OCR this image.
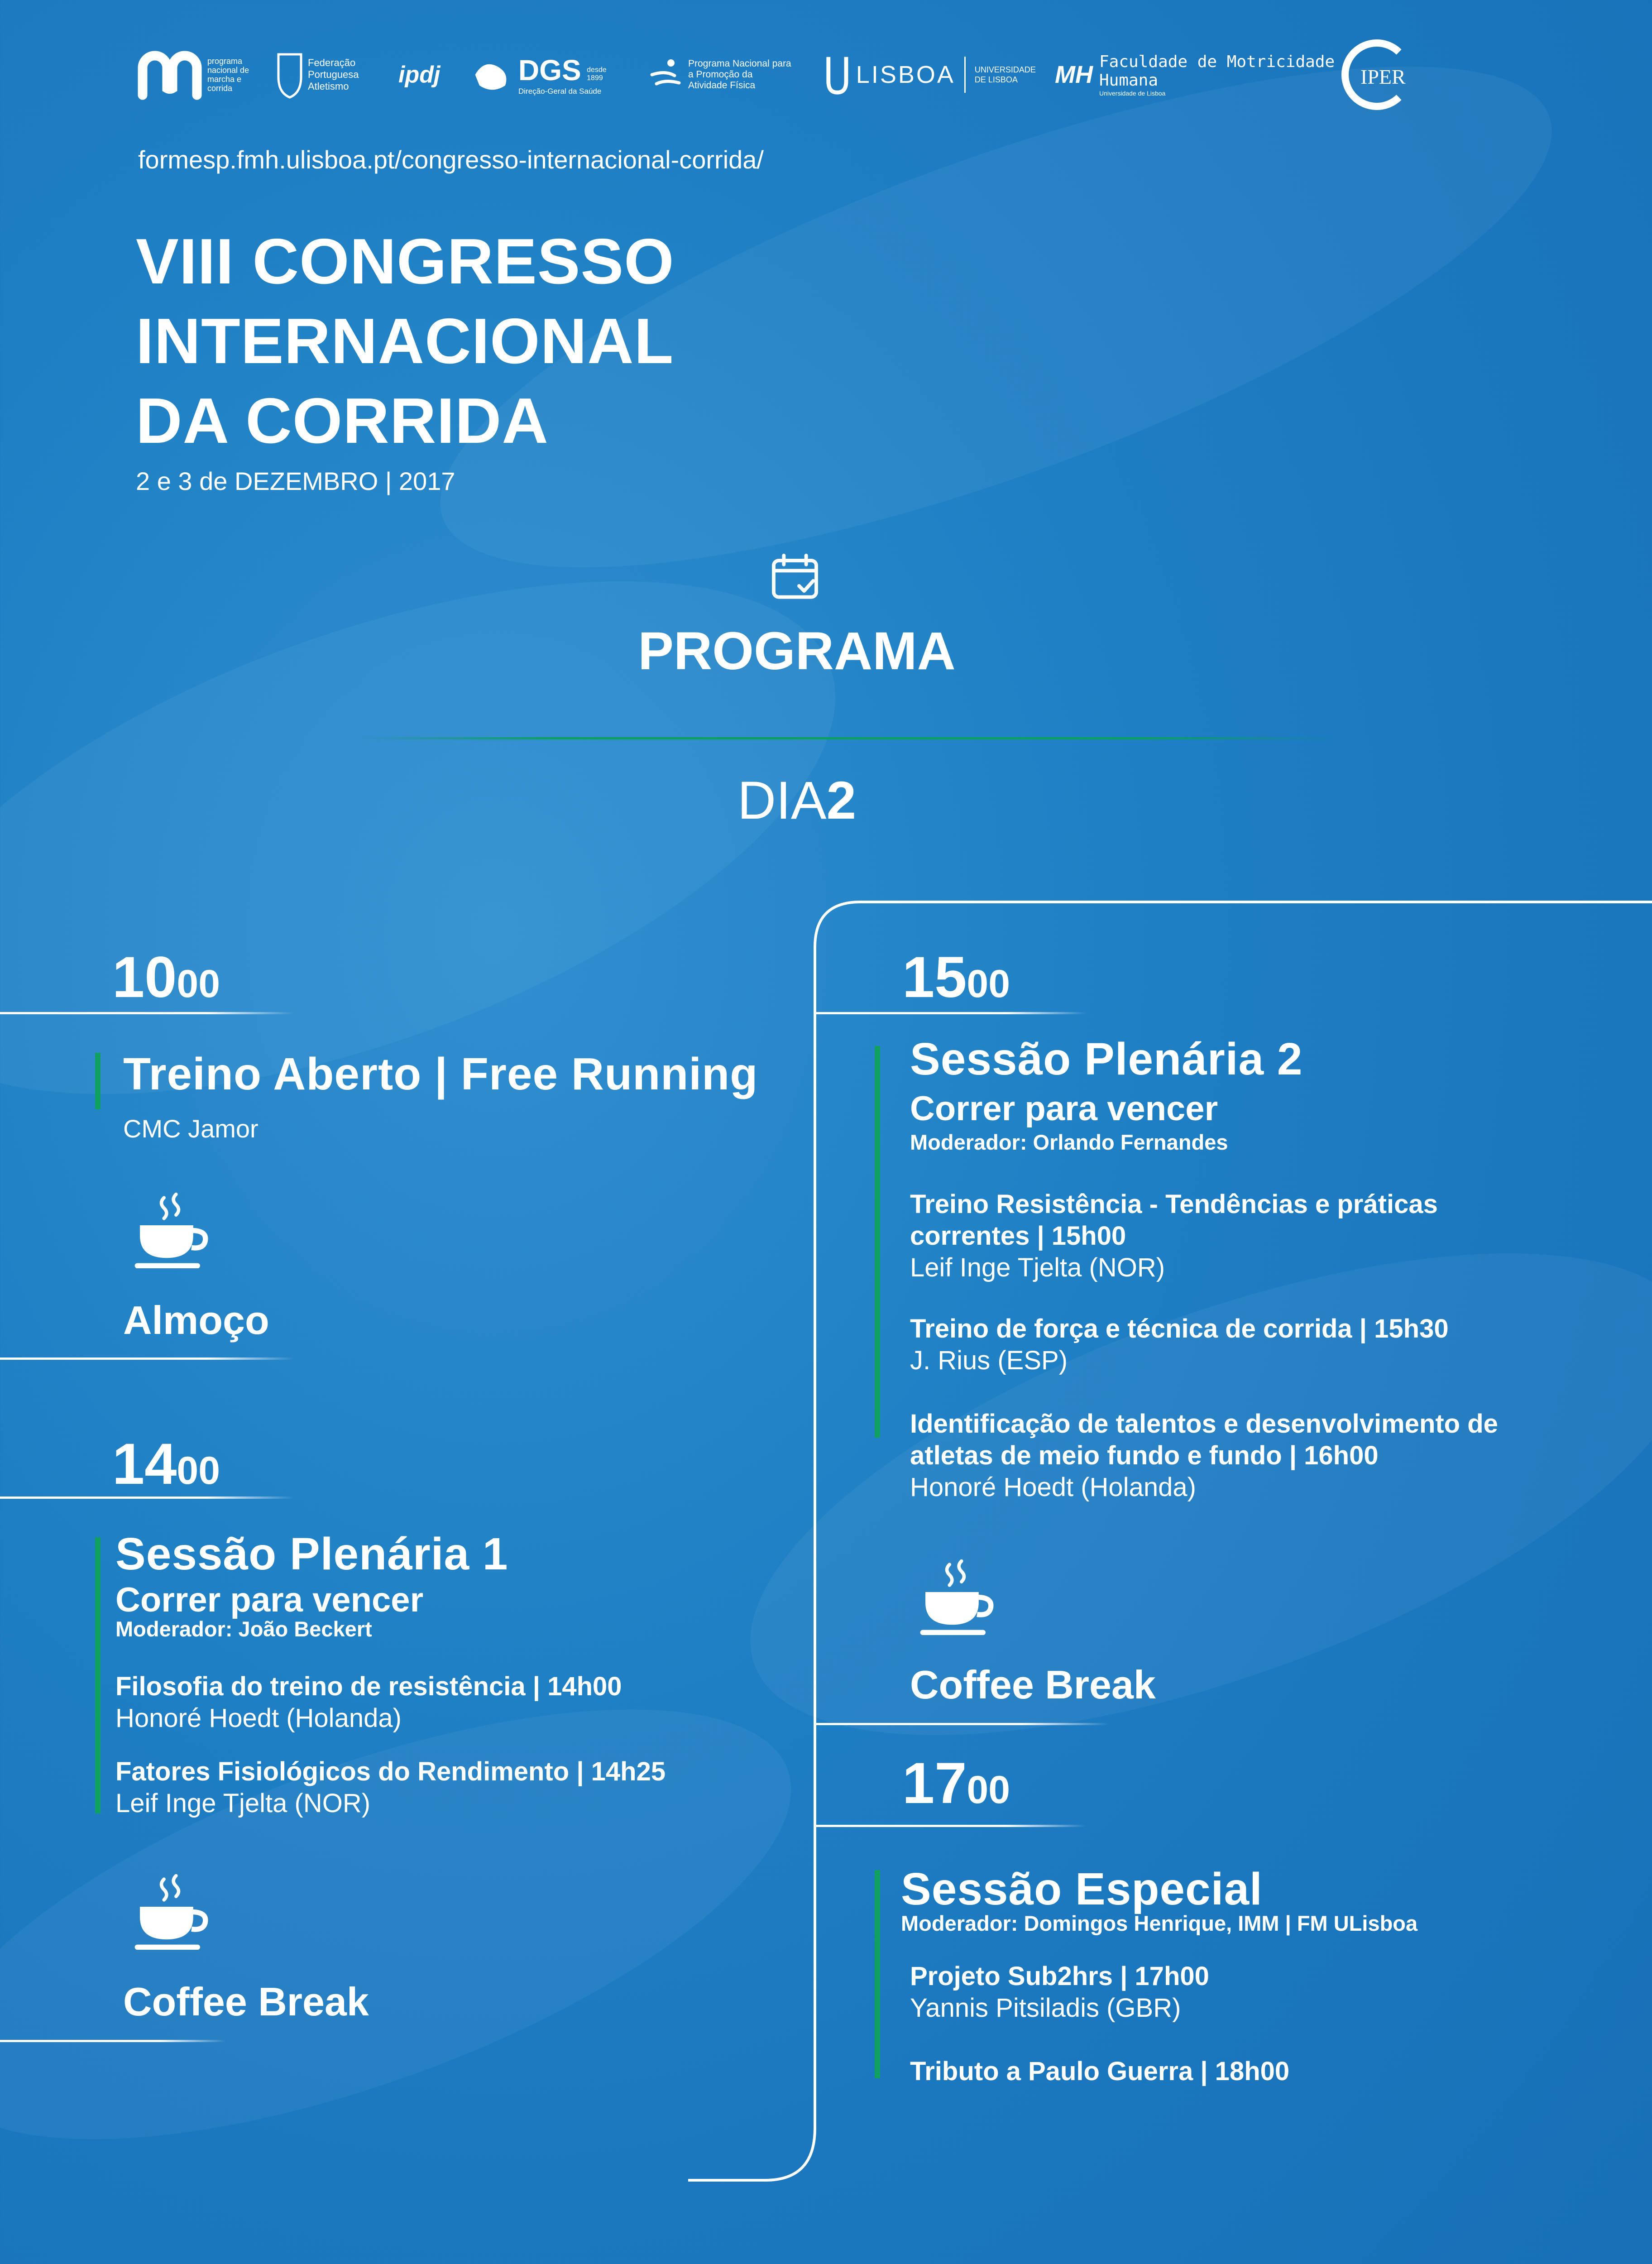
programa nacional de marcha e corrida
Federação Portuguesa Atletismo	ipdj	DGS desde 1899
Direção-Geral da Saúde
Programa Nacional para a Promoção da Atividade Física	LISBOA UNIVERSIDADE DE LISBOA	MH Faculdade de Motricidade Humana
Universidade de Lisboa
IPER
formesp.fmh.ulisboa.pt/congresso-internacional-corrida/
VIII CONGRESSO
INTERNACIONAL
DA CORRIDA
2 e 3 de DEZEMBRO | 2017
PROGRAMA
DIA2
1000
Treino Aberto | Free Running
CMC Jamor
Almoço
1400
Sessão Plenária 1
Correr para vencer
Moderador: João Beckert
Filosofia do treino de resistência | 14h00
Honoré Hoedt (Holanda)
Fatores Fisiológicos do Rendimento | 14h25
Leif Inge Tjelta (NOR)
Coffee Break
1500
Sessão Plenária 2
Correr para vencer
Moderador: Orlando Fernandes
Treino Resistência - Tendências e práticas
correntes | 15h00
Leif Inge Tjelta (NOR)
Treino de força e técnica de corrida | 15h30
J. Rius (ESP)
Identificação de talentos e desenvolvimento de
atletas de meio fundo e fundo | 16h00
Honoré Hoedt (Holanda)
Coffee Break
1700
Sessão Especial
Moderador: Domingos Henrique, IMM | FM ULisboa
Projeto Sub2hrs | 17h00
Yannis Pitsiladis (GBR)
Tributo a Paulo Guerra | 18h00
